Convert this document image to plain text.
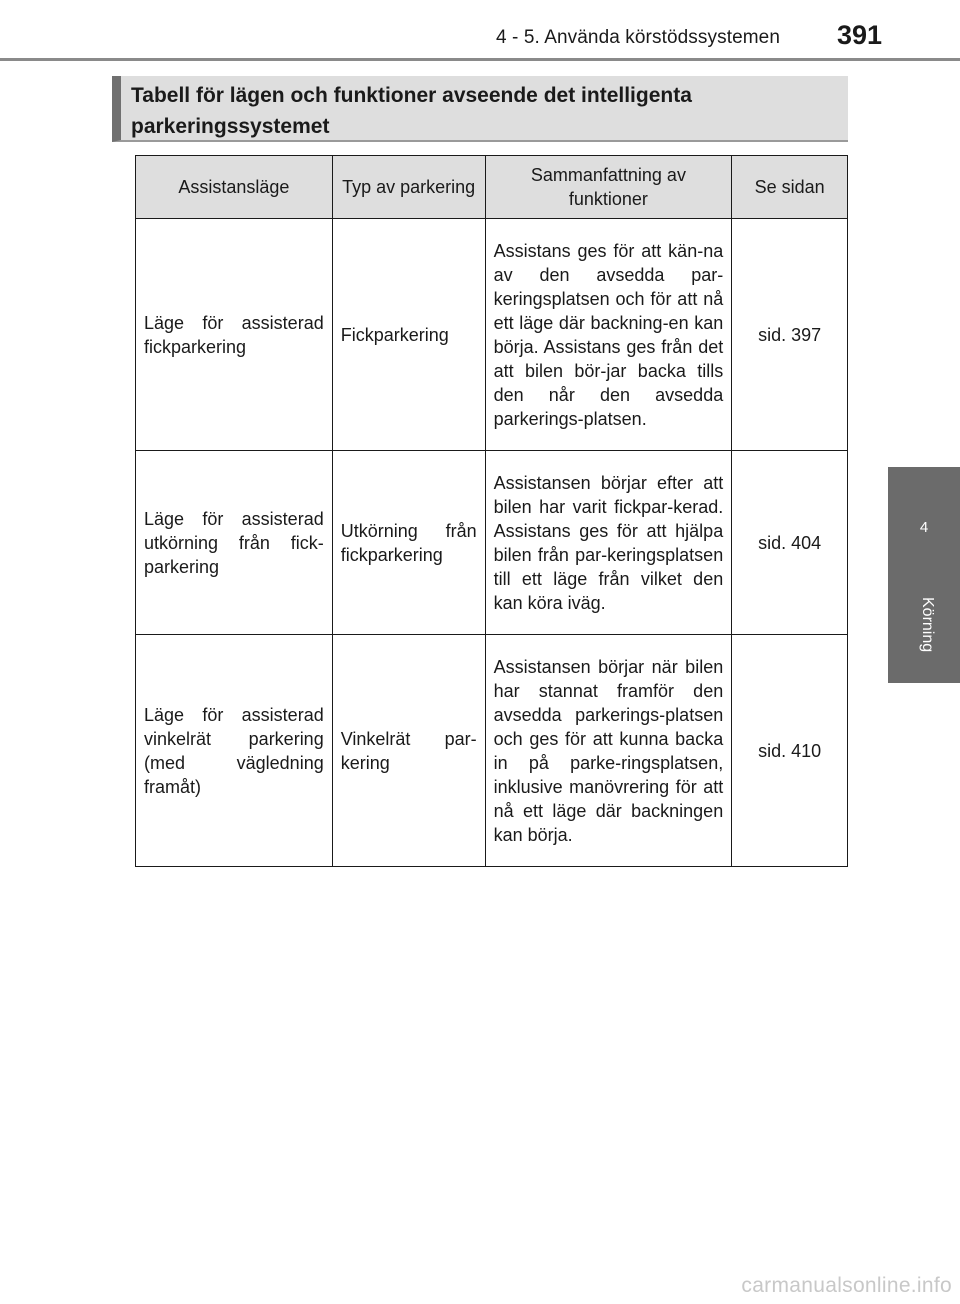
4 - 5. Använda körstödssystemen 391
4
Körning
Tabell för lägen och funktioner avseende det intelligenta parkeringssystemet
Assistansläge	Typ av parkering	Sammanfattning av funktioner	Se sidan
Läge för assisterad fickparkering	Fickparkering	Assistans ges för att kän-na av den avsedda par-keringsplatsen och för att nå ett läge där backning-en kan börja. Assistans ges från det att bilen bör-jar backa tills den når den avsedda parkerings-platsen.	sid. 397
Läge för assisterad utkörning från fick-parkering	Utkörning från fickparkering	Assistansen börjar efter att bilen har varit fickpar-kerad. Assistans ges för att hjälpa bilen från par-keringsplatsen till ett läge från vilket den kan köra iväg.	sid. 404
Läge för assisterad vinkelrät parkering (med vägledning framåt)	Vinkelrät par-kering	Assistansen börjar när bilen har stannat framför den avsedda parkerings-platsen och ges för att kunna backa in på parke-ringsplatsen, inklusive manövrering för att nå ett läge där backningen kan börja.	sid. 410
carmanualsonline.info
